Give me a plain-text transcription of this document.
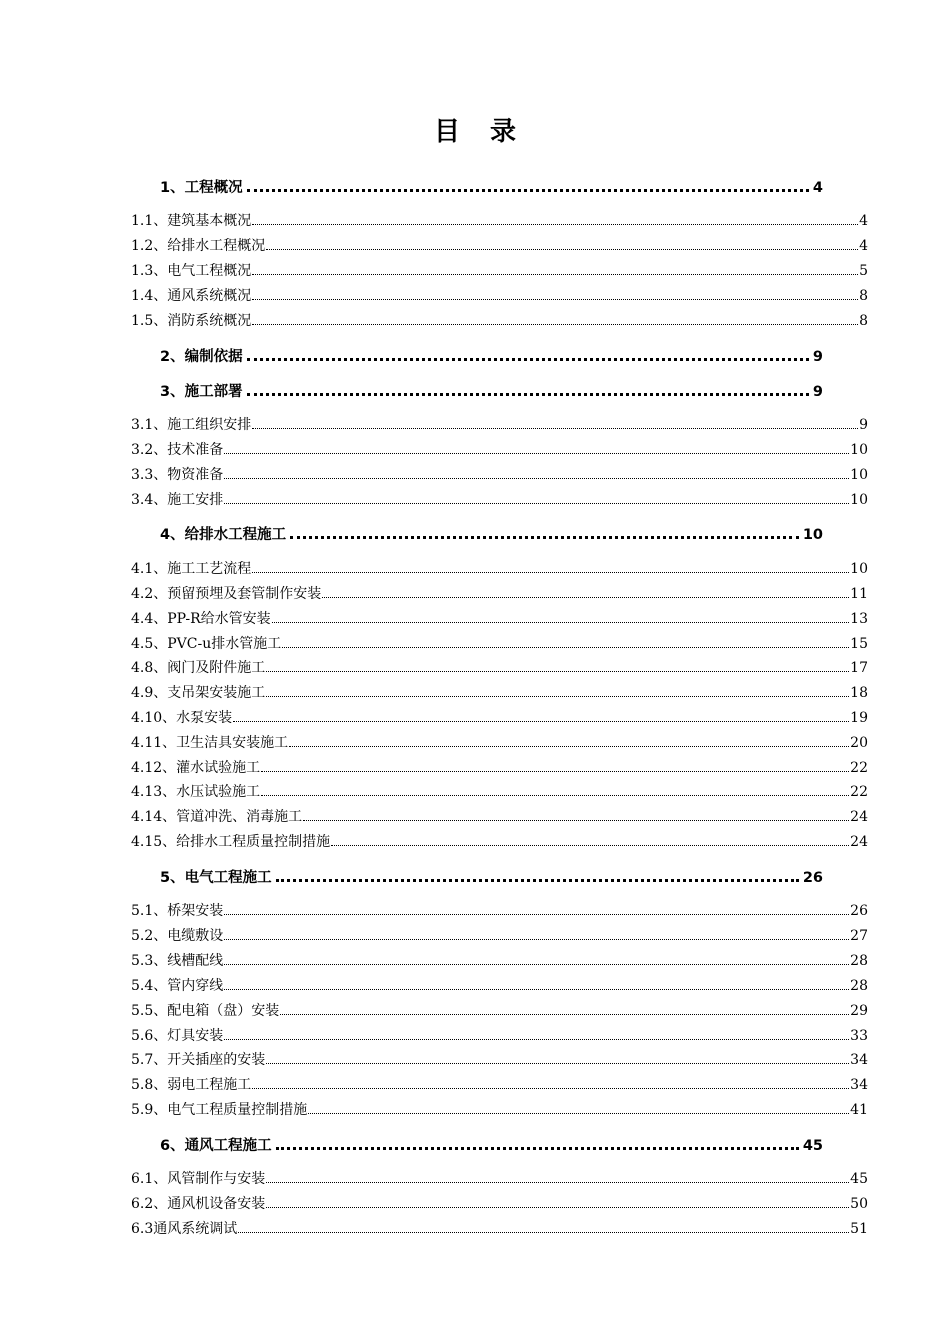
目录
1、工程概况	4
1.1、建筑基本概况	4
1.2、给排水工程概况	4
1.3、电气工程概况	5
1.4、通风系统概况	8
1.5、消防系统概况	8
2、编制依据	9
3、施工部署	9
3.1、施工组织安排	9
3.2、技术准备	10
3.3、物资准备	10
3.4、施工安排	10
4、给排水工程施工	10
4.1、施工工艺流程	10
4.2、预留预埋及套管制作安装	11
4.4、PP-R给水管安装	13
4.5、PVC-u排水管施工	15
4.8、阀门及附件施工	17
4.9、支吊架安装施工	18
4.10、水泵安装	19
4.11、卫生洁具安装施工	20
4.12、灌水试验施工	22
4.13、水压试验施工	22
4.14、管道冲洗、消毒施工	24
4.15、给排水工程质量控制措施	24
5、电气工程施工	26
5.1、桥架安装	26
5.2、电缆敷设	27
5.3、线槽配线	28
5.4、管内穿线	28
5.5、配电箱（盘）安装	29
5.6、灯具安装	33
5.7、开关插座的安装	34
5.8、弱电工程施工	34
5.9、电气工程质量控制措施	41
6、通风工程施工	45
6.1、风管制作与安装	45
6.2、通风机设备安装	50
6.3通风系统调试	51
